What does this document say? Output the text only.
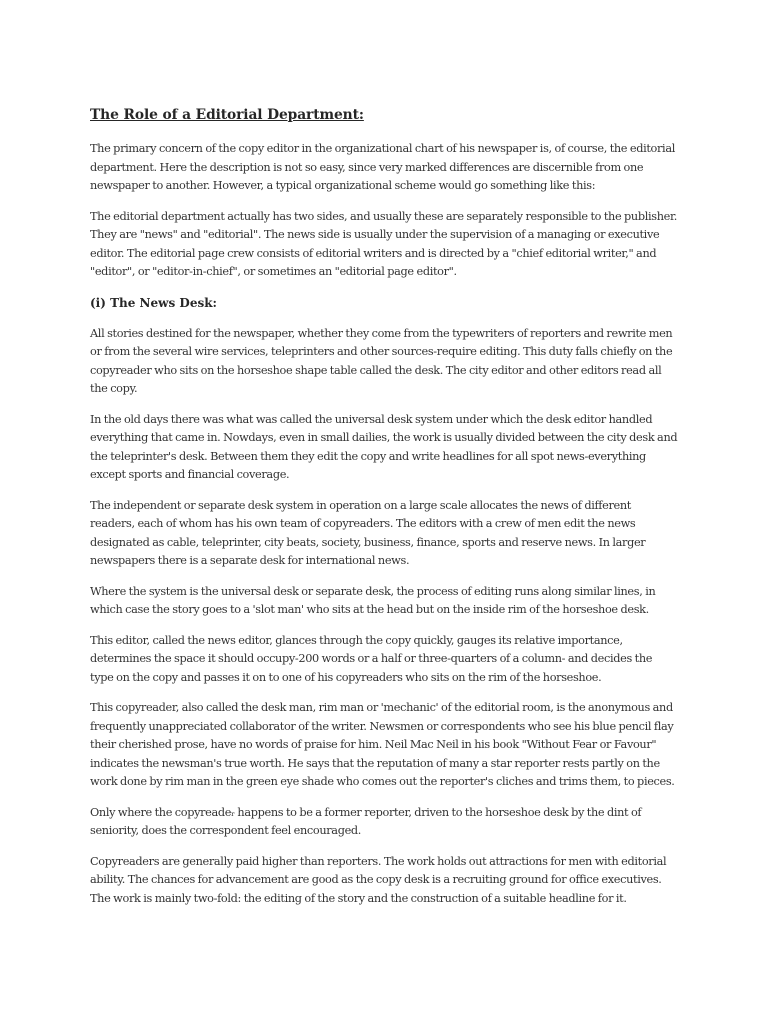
The Role of a Editorial Department:

The primary concern of the copy editor in the organizational chart of his newspaper is, of course, the editorial department. Here the description is not so easy, since very marked differences are discernible from one newspaper to another. However, a typical organizational scheme would go something like this:

The editorial department actually has two sides, and usually these are separately responsible to the publisher. They are "news" and "editorial". The news side is usually under the supervision of a managing or executive editor. The editorial page crew consists of editorial writers and is directed by a "chief editorial writer," and "editor", or "editor-in-chief", or sometimes an "editorial page editor".

(i) The News Desk:

All stories destined for the newspaper, whether they come from the typewriters of reporters and rewrite men or from the several wire services, teleprinters and other sources-require editing. This duty falls chiefly on the copyreader who sits on the horseshoe shape table called the desk. The city editor and other editors read all the copy.

In the old days there was what was called the universal desk system under which the desk editor handled everything that came in. Nowdays, even in small dailies, the work is usually divided between the city desk and the teleprinter's desk. Between them they edit the copy and write headlines for all spot news-everything except sports and financial coverage.

The independent or separate desk system in operation on a large scale allocates the news of different readers, each of whom has his own team of copyreaders. The editors with a crew of men edit the news designated as cable, teleprinter, city beats, society, business, finance, sports and reserve news. In larger newspapers there is a separate desk for international news.

Where the system is the universal desk or separate desk, the process of editing runs along similar lines, in which case the story goes to a 'slot man' who sits at the head but on the inside rim of the horseshoe desk.

This editor, called the news editor, glances through the copy quickly, gauges its relative importance, determines the space it should occupy-200 words or a half or three-quarters of a column- and decides the type on the copy and passes it on to one of his copyreaders who sits on the rim of the horseshoe.

This copyreader, also called the desk man, rim man or 'mechanic' of the editorial room, is the anonymous and frequently unappreciated collaborator of the writer. Newsmen or correspondents who see his blue pencil flay their cherished prose, have no words of praise for him. Neil Mac Neil in his book "Without Fear or Favour" indicates the newsman's true worth. He says that the reputation of many a star reporter rests partly on the work done by rim man in the green eye shade who comes out the reporter's cliches and trims them, to pieces.

Only where the copyreadeᵣ happens to be a former reporter, driven to the horseshoe desk by the dint of seniority, does the correspondent feel encouraged.

Copyreaders are generally paid higher than reporters. The work holds out attractions for men with editorial ability. The chances for advancement are good as the copy desk is a recruiting ground for office executives. The work is mainly two-fold: the editing of the story and the construction of a suitable headline for it.
